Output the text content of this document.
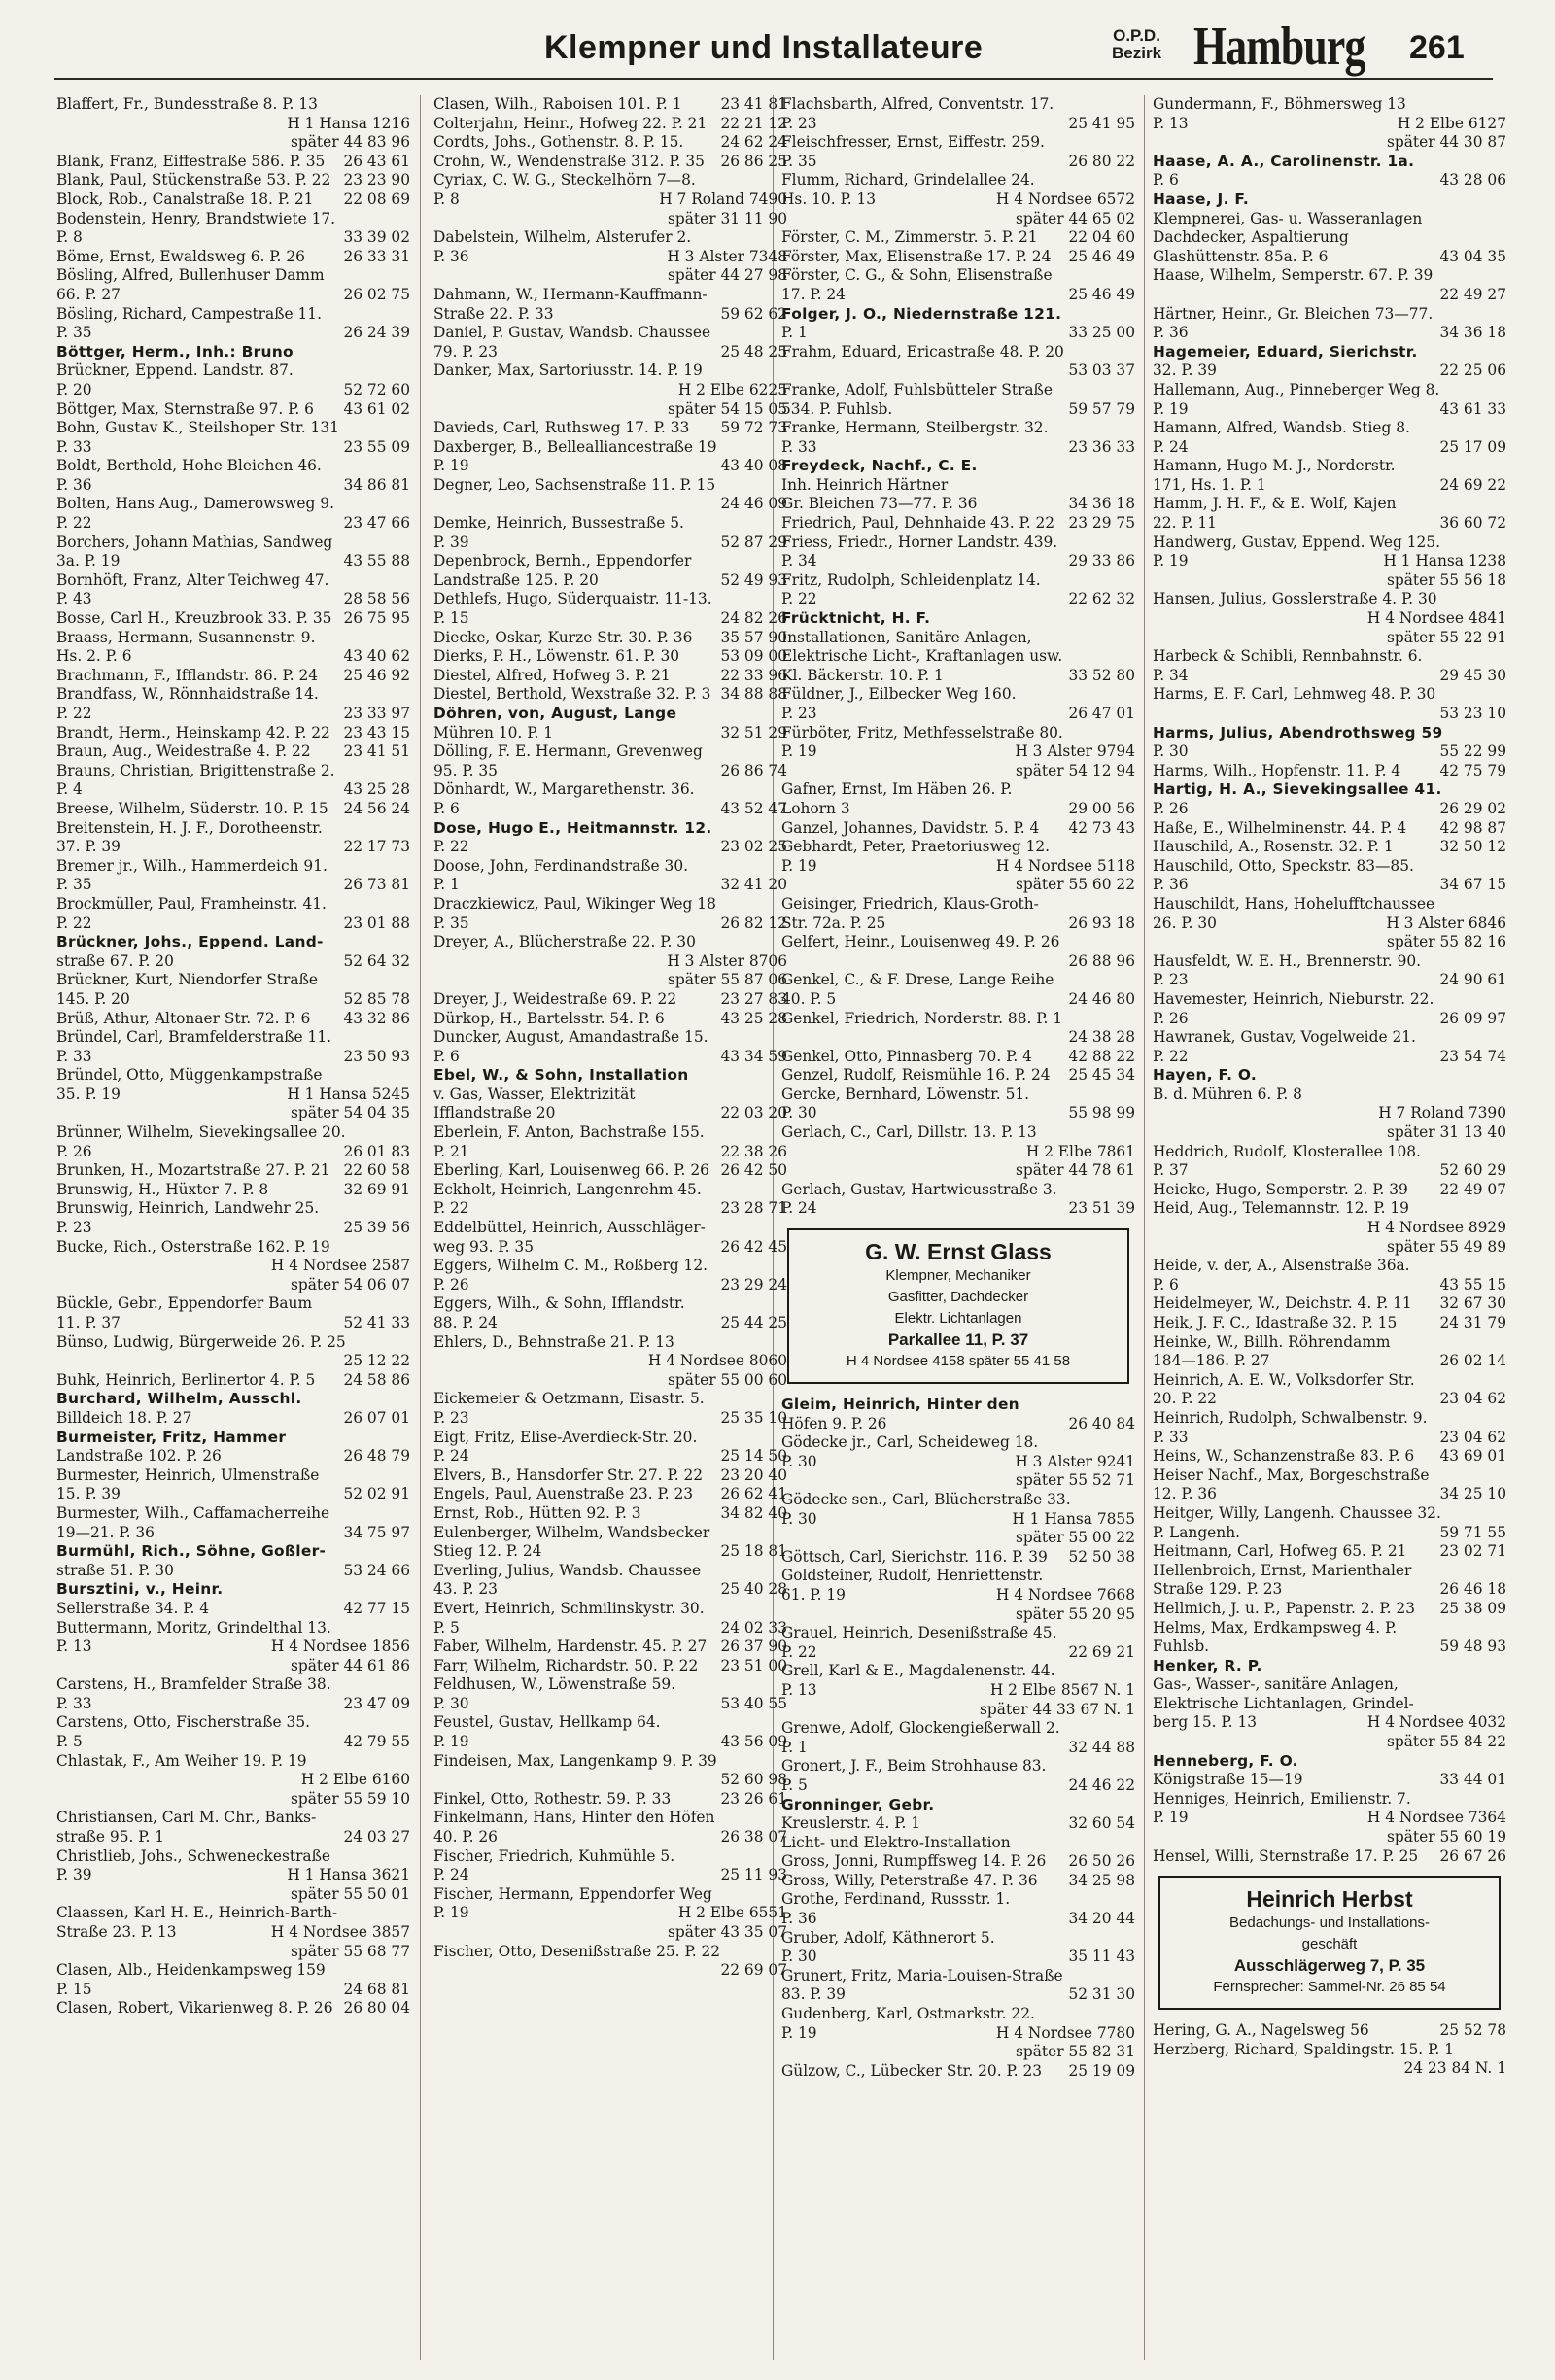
Klempner und Installateure	O.P.D.
Bezirk Hamburg 261
Blaffert, Fr., Bundesstraße 8. P. 13
H 1 Hansa 1216
später 44 83 96
Blank, Franz, Eiffestraße 586. P. 35	26 43 61
Blank, Paul, Stückenstraße 53. P. 22 23 23 90
Block, Rob., Canalstraße 18. P. 21	22 08 69
Bodenstein, Henry, Brandstwiete 17.
P. 8	33 39 02
Böme, Ernst, Ewaldsweg 6. P. 26	26 33 31
Bösling, Alfred, Bullenhuser Damm
66. P. 27	26 02 75
Bösling, Richard, Campestraße 11.
P. 35	26 24 39
Böttger, Herm., Inh.: Bruno
Brückner, Eppend. Landstr. 87.
P. 20	52 72 60
Böttger, Max, Sternstraße 97. P. 6	43 61 02
Bohn, Gustav K., Steilshoper Str. 131
P. 33	23 55 09
Boldt, Berthold, Hohe Bleichen 46.
P. 36	34 86 81
Bolten, Hans Aug., Damerowsweg 9.
P. 22	23 47 66
Borchers, Johann Mathias, Sandweg
3a. P. 19	43 55 88
Bornhöft, Franz, Alter Teichweg 47.
P. 43	28 58 56
Bosse, Carl H., Kreuzbrook 33. P. 35 26 75 95
Braass, Hermann, Susannenstr. 9.
Hs. 2. P. 6	43 40 62
Brachmann, F., Ifflandstr. 86. P. 24	25 46 92
Brandfass, W., Rönnhaidstraße 14.
P. 22	23 33 97
Brandt, Herm., Heinskamp 42. P. 22 23 43 15
Braun, Aug., Weidestraße 4. P. 22	23 41 51
Brauns, Christian, Brigittenstraße 2.
P. 4	43 25 28
Breese, Wilhelm, Süderstr. 10. P. 15	24 56 24
Breitenstein, H. J. F., Dorotheenstr.
37. P. 39	22 17 73
Bremer jr., Wilh., Hammerdeich 91.
P. 35	26 73 81
Brockmüller, Paul, Framheinstr. 41.
P. 22	23 01 88
Brückner, Johs., Eppend. Land-
straße 67. P. 20	52 64 32
Brückner, Kurt, Niendorfer Straße
145. P. 20	52 85 78
Brüß, Athur, Altonaer Str. 72. P. 6	43 32 86
Bründel, Carl, Bramfelderstraße 11.
P. 33	23 50 93
Bründel, Otto, Müggenkampstraße
35. P. 19	H 1 Hansa 5245
später 54 04 35
Brünner, Wilhelm, Sievekingsallee 20.
P. 26	26 01 83
Brunken, H., Mozartstraße 27. P. 21 22 60 58
Brunswig, H., Hüxter 7. P. 8	32 69 91
Brunswig, Heinrich, Landwehr 25.
P. 23	25 39 56
Bucke, Rich., Osterstraße 162. P. 19
H 4 Nordsee 2587
später 54 06 07
Bückle, Gebr., Eppendorfer Baum
11. P. 37	52 41 33
Bünso, Ludwig, Bürgerweide 26. P. 25
25 12 22
Buhk, Heinrich, Berlinertor 4. P. 5	24 58 86
Burchard, Wilhelm, Ausschl.
Billdeich 18. P. 27	26 07 01
Burmeister, Fritz, Hammer
Landstraße 102. P. 26	26 48 79
Burmester, Heinrich, Ulmenstraße
15. P. 39	52 02 91
Burmester, Wilh., Caffamacherreihe
19—21. P. 36	34 75 97
Burmühl, Rich., Söhne, Goßler-
straße 51. P. 30	53 24 66
Bursztini, v., Heinr.
Sellerstraße 34. P. 4	42 77 15
Buttermann, Moritz, Grindelthal 13.
P. 13	H 4 Nordsee 1856
später 44 61 86
Carstens, H., Bramfelder Straße 38.
P. 33	23 47 09
Carstens, Otto, Fischerstraße 35.
P. 5	42 79 55
Chlastak, F., Am Weiher 19. P. 19
H 2 Elbe 6160
später 55 59 10
Christiansen, Carl M. Chr., Banks-
straße 95. P. 1	24 03 27
Christlieb, Johs., Schweneckestraße
P. 39	H 1 Hansa 3621
später 55 50 01
Claassen, Karl H. E., Heinrich-Barth-
Straße 23. P. 13	H 4 Nordsee 3857
später 55 68 77
Clasen, Alb., Heidenkampsweg 159
P. 15	24 68 81
Clasen, Robert, Vikarienweg 8. P. 26 26 80 04
Clasen, Wilh., Raboisen 101. P. 1	23 41 81
Colterjahn, Heinr., Hofweg 22. P. 21 22 21 12
Cordts, Johs., Gothenstr. 8. P. 15.	24 62 24
Crohn, W., Wendenstraße 312. P. 35	26 86 25
Cyriax, C. W. G., Steckelhörn 7—8.
P. 8	H 7 Roland 7490
später 31 11 90
Dabelstein, Wilhelm, Alsterufer 2.
P. 36	H 3 Alster 7348
später 44 27 98
Dahmann, W., Hermann-Kauffmann-
Straße 22. P. 33	59 62 62
Daniel, P. Gustav, Wandsb. Chaussee
79. P. 23	25 48 25
Danker, Max, Sartoriusstr. 14. P. 19
H 2 Elbe 6225
später 54 15 05
Davieds, Carl, Ruthsweg 17. P. 33	59 72 73
Daxberger, B., Bellealliancestraße 19
P. 19	43 40 08
Degner, Leo, Sachsenstraße 11. P. 15
24 46 09
Demke, Heinrich, Bussestraße 5.
P. 39	52 87 29
Depenbrock, Bernh., Eppendorfer
Landstraße 125. P. 20	52 49 93
Dethlefs, Hugo, Süderquaistr. 11-13.
P. 15	24 82 26
Diecke, Oskar, Kurze Str. 30. P. 36	35 57 90
Dierks, P. H., Löwenstr. 61. P. 30	53 09 00
Diestel, Alfred, Hofweg 3. P. 21	22 33 96
Diestel, Berthold, Wexstraße 32. P. 3 34 88 88
Döhren, von, August, Lange
Mühren 10. P. 1	32 51 29
Dölling, F. E. Hermann, Grevenweg
95. P. 35	26 86 74
Dönhardt, W., Margarethenstr. 36.
P. 6	43 52 47
Dose, Hugo E., Heitmannstr. 12.
P. 22	23 02 25
Doose, John, Ferdinandstraße 30.
P. 1	32 41 20
Draczkiewicz, Paul, Wikinger Weg 18
P. 35	26 82 12
Dreyer, A., Blücherstraße 22. P. 30
H 3 Alster 8706
später 55 87 06
Dreyer, J., Weidestraße 69. P. 22	23 27 83
Dürkop, H., Bartelsstr. 54. P. 6	43 25 28
Duncker, August, Amandastraße 15.
P. 6	43 34 59
Ebel, W., & Sohn, Installation
v. Gas, Wasser, Elektrizität
Ifflandstraße 20	22 03 20
Eberlein, F. Anton, Bachstraße 155.
P. 21	22 38 26
Eberling, Karl, Louisenweg 66. P. 26 26 42 50
Eckholt, Heinrich, Langenrehm 45.
P. 22	23 28 71
Eddelbüttel, Heinrich, Ausschläger-
weg 93. P. 35	26 42 45
Eggers, Wilhelm C. M., Roßberg 12.
P. 26	23 29 24
Eggers, Wilh., & Sohn, Ifflandstr.
88. P. 24	25 44 25
Ehlers, D., Behnstraße 21. P. 13
H 4 Nordsee 8060
später 55 00 60
Eickemeier & Oetzmann, Eisastr. 5.
P. 23	25 35 10
Eigt, Fritz, Elise-Averdieck-Str. 20.
P. 24	25 14 50
Elvers, B., Hansdorfer Str. 27. P. 22	23 20 40
Engels, Paul, Auenstraße 23. P. 23	26 62 41
Ernst, Rob., Hütten 92. P. 3	34 82 40
Eulenberger, Wilhelm, Wandsbecker
Stieg 12. P. 24	25 18 81
Everling, Julius, Wandsb. Chaussee
43. P. 23	25 40 28
Evert, Heinrich, Schmilinskystr. 30.
P. 5	24 02 33
Faber, Wilhelm, Hardenstr. 45. P. 27 26 37 90
Farr, Wilhelm, Richardstr. 50. P. 22	23 51 00
Feldhusen, W., Löwenstraße 59.
P. 30	53 40 55
Feustel, Gustav, Hellkamp 64.
P. 19	43 56 09
Findeisen, Max, Langenkamp 9. P. 39
52 60 98
Finkel, Otto, Rothestr. 59. P. 33	23 26 61
Finkelmann, Hans, Hinter den Höfen
40. P. 26	26 38 07
Fischer, Friedrich, Kuhmühle 5.
P. 24	25 11 93
Fischer, Hermann, Eppendorfer Weg
P. 19	H 2 Elbe 6551
später 43 35 07
Fischer, Otto, Desenißstraße 25. P. 22
22 69 07
Flachsbarth, Alfred, Conventstr. 17.
P. 23	25 41 95
Fleischfresser, Ernst, Eiffestr. 259.
P. 35	26 80 22
Flumm, Richard, Grindelallee 24.
Hs. 10. P. 13	H 4 Nordsee 6572
später 44 65 02
Förster, C. M., Zimmerstr. 5. P. 21	22 04 60
Förster, Max, Elisenstraße 17. P. 24	25 46 49
Förster, C. G., & Sohn, Elisenstraße
17. P. 24	25 46 49
Folger, J. O., Niedernstraße 121.
P. 1	33 25 00
Frahm, Eduard, Ericastraße 48. P. 20
53 03 37
Franke, Adolf, Fuhlsbütteler Straße
534. P. Fuhlsb.	59 57 79
Franke, Hermann, Steilbergstr. 32.
P. 33	23 36 33
Freydeck, Nachf., C. E.
Inh. Heinrich Härtner
Gr. Bleichen 73—77. P. 36	34 36 18
Friedrich, Paul, Dehnhaide 43. P. 22 23 29 75
Friess, Friedr., Horner Landstr. 439.
P. 34	29 33 86
Fritz, Rudolph, Schleidenplatz 14.
P. 22	22 62 32
Frücktnicht, H. F.
Installationen, Sanitäre Anlagen,
Elektrische Licht-, Kraftanlagen usw.
Kl. Bäckerstr. 10. P. 1	33 52 80
Füldner, J., Eilbecker Weg 160.
P. 23	26 47 01
Fürböter, Fritz, Methfesselstraße 80.
P. 19	H 3 Alster 9794
später 54 12 94
Gafner, Ernst, Im Häben 26. P.
Lohorn 3	29 00 56
Ganzel, Johannes, Davidstr. 5. P. 4	42 73 43
Gebhardt, Peter, Praetoriusweg 12.
P. 19	H 4 Nordsee 5118
später 55 60 22
Geisinger, Friedrich, Klaus-Groth-
Str. 72a. P. 25	26 93 18
Gelfert, Heinr., Louisenweg 49. P. 26
26 88 96
Genkel, C., & F. Drese, Lange Reihe
40. P. 5	24 46 80
Genkel, Friedrich, Norderstr. 88. P. 1
24 38 28
Genkel, Otto, Pinnasberg 70. P. 4	42 88 22
Genzel, Rudolf, Reismühle 16. P. 24	25 45 34
Gercke, Bernhard, Löwenstr. 51.
P. 30	55 98 99
Gerlach, C., Carl, Dillstr. 13. P. 13
H 2 Elbe 7861
später 44 78 61
Gerlach, Gustav, Hartwicusstraße 3.
P. 24	23 51 39
G. W. Ernst Glass
Klempner, Mechaniker
Gasfitter, Dachdecker
Elektr. Lichtanlagen
Parkallee 11, P. 37
H 4 Nordsee 4158 später 55 41 58
Gleim, Heinrich, Hinter den
Höfen 9. P. 26	26 40 84
Gödecke jr., Carl, Scheideweg 18.
P. 30	H 3 Alster 9241
später 55 52 71
Gödecke sen., Carl, Blücherstraße 33.
P. 30	H 1 Hansa 7855
später 55 00 22
Göttsch, Carl, Sierichstr. 116. P. 39	52 50 38
Goldsteiner, Rudolf, Henriettenstr.
61. P. 19	H 4 Nordsee 7668
später 55 20 95
Grauel, Heinrich, Desenißstraße 45.
P. 22	22 69 21
Grell, Karl & E., Magdalenenstr. 44.
P. 13	H 2 Elbe 8567 N. 1
später 44 33 67 N. 1
Grenwe, Adolf, Glockengießerwall 2.
P. 1	32 44 88
Gronert, J. F., Beim Strohhause 83.
P. 5	24 46 22
Gronninger, Gebr.
Kreuslerstr. 4. P. 1	32 60 54
Licht- und Elektro-Installation
Gross, Jonni, Rumpffsweg 14. P. 26	26 50 26
Gross, Willy, Peterstraße 47. P. 36	34 25 98
Grothe, Ferdinand, Russstr. 1.
P. 36	34 20 44
Gruber, Adolf, Käthnerort 5.
P. 30	35 11 43
Grunert, Fritz, Maria-Louisen-Straße
83. P. 39	52 31 30
Gudenberg, Karl, Ostmarkstr. 22.
P. 19	H 4 Nordsee 7780
später 55 82 31
Gülzow, C., Lübecker Str. 20. P. 23	25 19 09
Gundermann, F., Böhmersweg 13
P. 13	H 2 Elbe 6127
später 44 30 87
Haase, A. A., Carolinenstr. 1a.
P. 6	43 28 06
Haase, J. F.
Klempnerei, Gas- u. Wasseranlagen
Dachdecker, Aspaltierung
Glashüttenstr. 85a. P. 6	43 04 35
Haase, Wilhelm, Semperstr. 67. P. 39
22 49 27
Härtner, Heinr., Gr. Bleichen 73—77.
P. 36	34 36 18
Hagemeier, Eduard, Sierichstr.
32. P. 39	22 25 06
Hallemann, Aug., Pinneberger Weg 8.
P. 19	43 61 33
Hamann, Alfred, Wandsb. Stieg 8.
P. 24	25 17 09
Hamann, Hugo M. J., Norderstr.
171, Hs. 1. P. 1	24 69 22
Hamm, J. H. F., & E. Wolf, Kajen
22. P. 11	36 60 72
Handwerg, Gustav, Eppend. Weg 125.
P. 19	H 1 Hansa 1238
später 55 56 18
Hansen, Julius, Gosslerstraße 4. P. 30
H 4 Nordsee 4841
später 55 22 91
Harbeck & Schibli, Rennbahnstr. 6.
P. 34	29 45 30
Harms, E. F. Carl, Lehmweg 48. P. 30
53 23 10
Harms, Julius, Abendrothsweg 59
P. 30	55 22 99
Harms, Wilh., Hopfenstr. 11. P. 4	42 75 79
Hartig, H. A., Sievekingsallee 41.
P. 26	26 29 02
Haße, E., Wilhelminenstr. 44. P. 4	42 98 87
Hauschild, A., Rosenstr. 32. P. 1	32 50 12
Hauschild, Otto, Speckstr. 83—85.
P. 36	34 67 15
Hauschildt, Hans, Hohelufftchaussee
26. P. 30	H 3 Alster 6846
später 55 82 16
Hausfeldt, W. E. H., Brennerstr. 90.
P. 23	24 90 61
Havemester, Heinrich, Nieburstr. 22.
P. 26	26 09 97
Hawranek, Gustav, Vogelweide 21.
P. 22	23 54 74
Hayen, F. O.
B. d. Mühren 6. P. 8
H 7 Roland 7390
später 31 13 40
Heddrich, Rudolf, Klosterallee 108.
P. 37	52 60 29
Heicke, Hugo, Semperstr. 2. P. 39	22 49 07
Heid, Aug., Telemannstr. 12. P. 19
H 4 Nordsee 8929
später 55 49 89
Heide, v. der, A., Alsenstraße 36a.
P. 6	43 55 15
Heidelmeyer, W., Deichstr. 4. P. 11	32 67 30
Heik, J. F. C., Idastraße 32. P. 15	24 31 79
Heinke, W., Billh. Röhrendamm
184—186. P. 27	26 02 14
Heinrich, A. E. W., Volksdorfer Str.
20. P. 22	23 04 62
Heinrich, Rudolph, Schwalbenstr. 9.
P. 33	23 04 62
Heins, W., Schanzenstraße 83. P. 6	43 69 01
Heiser Nachf., Max, Borgeschstraße
12. P. 36	34 25 10
Heitger, Willy, Langenh. Chaussee 32.
P. Langenh.	59 71 55
Heitmann, Carl, Hofweg 65. P. 21	23 02 71
Hellenbroich, Ernst, Marienthaler
Straße 129. P. 23	26 46 18
Hellmich, J. u. P., Papenstr. 2. P. 23	25 38 09
Helms, Max, Erdkampsweg 4. P.
Fuhlsb.	59 48 93
Henker, R. P.
Gas-, Wasser-, sanitäre Anlagen,
Elektrische Lichtanlagen, Grindel-
berg 15. P. 13	H 4 Nordsee 4032
später 55 84 22
Henneberg, F. O.
Königstraße 15—19	33 44 01
Henniges, Heinrich, Emilienstr. 7.
P. 19	H 4 Nordsee 7364
später 55 60 19
Hensel, Willi, Sternstraße 17. P. 25	26 67 26
Heinrich Herbst
Bedachungs- und Installations-
geschäft
Ausschlägerweg 7, P. 35
Fernsprecher: Sammel-Nr. 26 85 54
Hering, G. A., Nagelsweg 56	25 52 78
Herzberg, Richard, Spaldingstr. 15. P. 1
24 23 84 N. 1
